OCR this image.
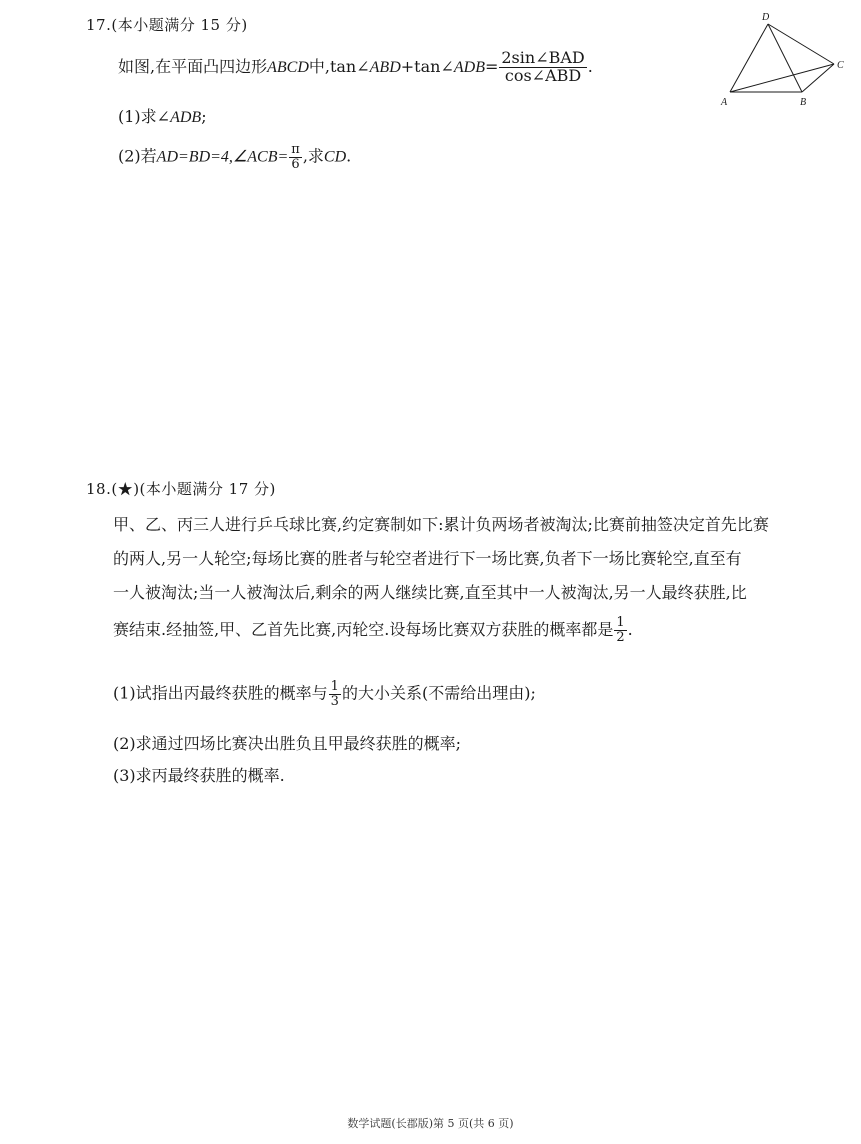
17.(本小题满分 15 分)
如图,在平面凸四边形ABCD中,tan∠ABD+tan∠ADB= $\frac{\text{2sin∠BAD}}{\text{cos∠ABD}}$ .
(1)求∠ADB;
(2)若AD=BD=4,∠ACB= $\frac{\pi}{6}$ ,求CD.
D
C
A	B
18.(★)(本小题满分 17 分)
甲、乙、丙三人进行乒乓球比赛,约定赛制如下:累计负两场者被淘汰;比赛前抽签决定首先比赛
的两人,另一人轮空;每场比赛的胜者与轮空者进行下一场比赛,负者下一场比赛轮空,直至有
一人被淘汰;当一人被淘汰后,剩余的两人继续比赛,直至其中一人被淘汰,另一人最终获胜,比
赛结束.经抽签,甲、乙首先比赛,丙轮空.设每场比赛双方获胜的概率都是 $\frac{1}{2}$ .
(1)试指出丙最终获胜的概率与 $\frac{1}{3}$ 的大小关系(不需给出理由);
(2)求通过四场比赛决出胜负且甲最终获胜的概率;
(3)求丙最终获胜的概率.
数学试题(长郡版)第 5 页(共 6 页)
